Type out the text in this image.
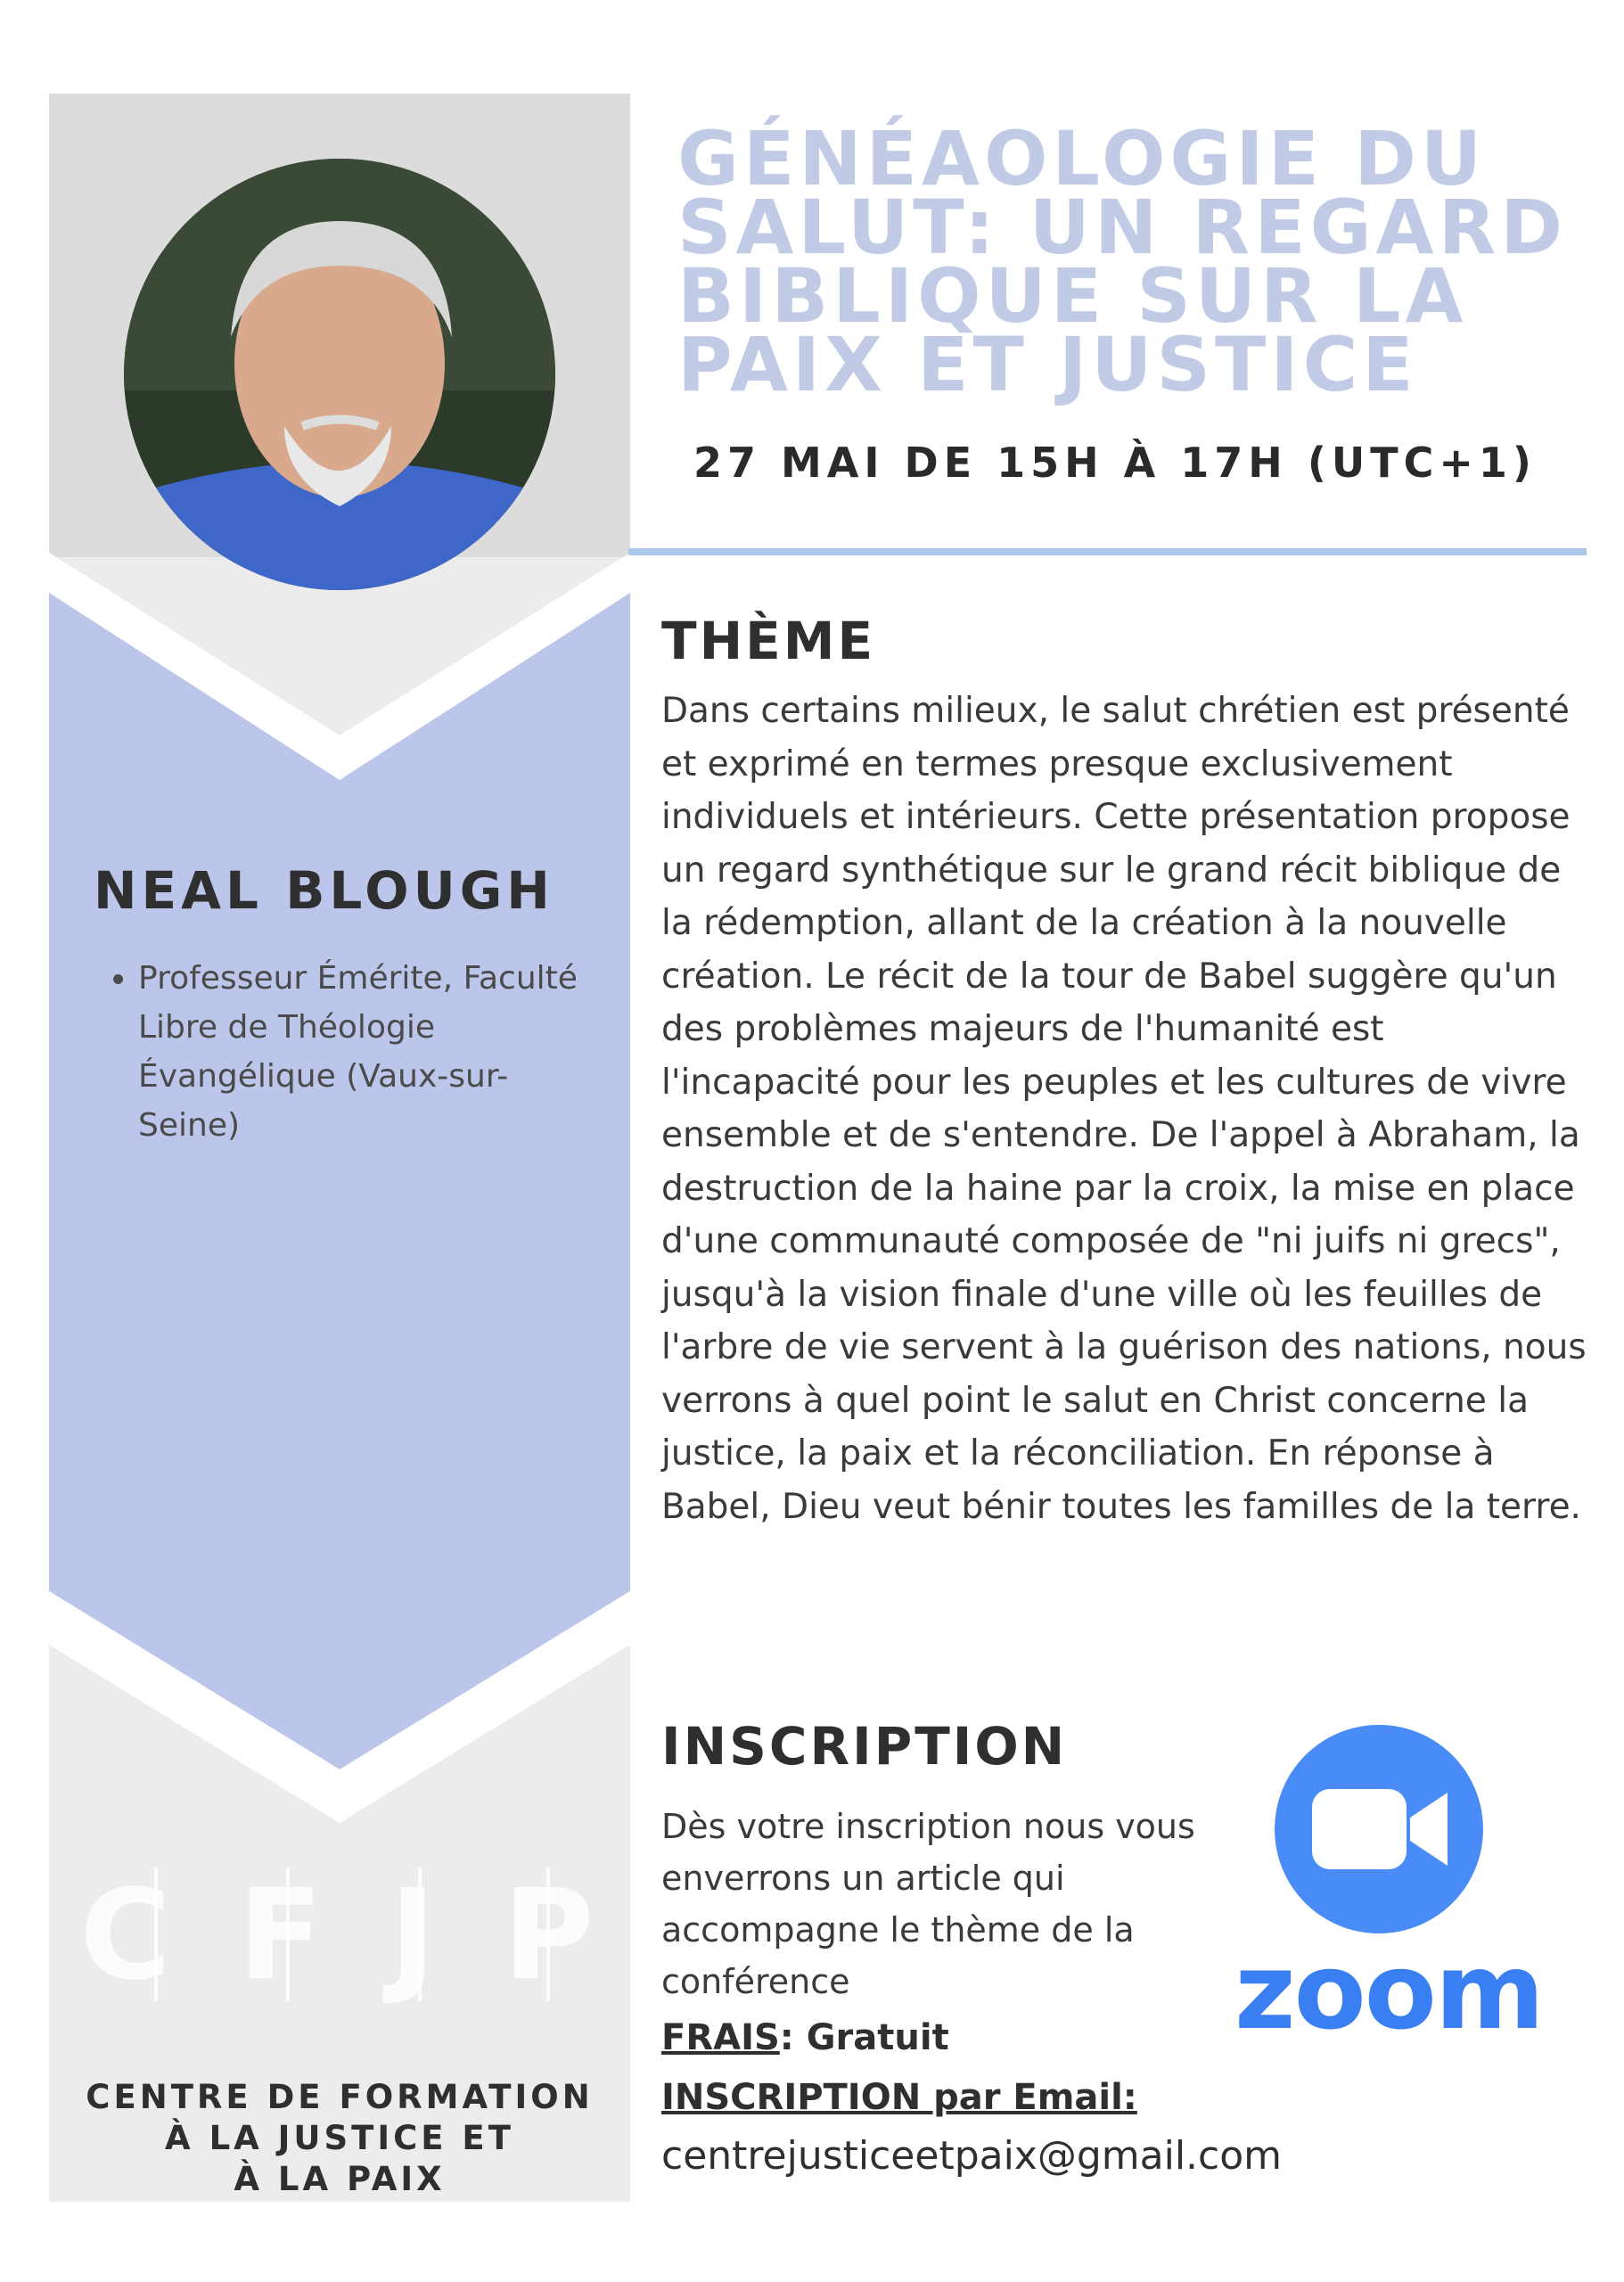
NEAL BLOUGH
• Professeur Émérite, Faculté Libre de Théologie Évangélique (Vaux-sur-Seine)
C F J P
CENTRE DE FORMATION
À LA JUSTICE ET
À LA PAIX
GÉNÉAOLOGIE DU SALUT: UN REGARD BIBLIQUE SUR LA PAIX ET JUSTICE
27 MAI DE 15H À 17H (UTC+1)
THÈME
Dans certains milieux, le salut chrétien est présenté et exprimé en termes presque exclusivement individuels et intérieurs. Cette présentation propose un regard synthétique sur le grand récit biblique de la rédemption, allant de la création à la nouvelle création. Le récit de la tour de Babel suggère qu'un des problèmes majeurs de l'humanité est l'incapacité pour les peuples et les cultures de vivre ensemble et de s'entendre. De l'appel à Abraham, la destruction de la haine par la croix, la mise en place d'une communauté composée de "ni juifs ni grecs", jusqu'à la vision finale d'une ville où les feuilles de l'arbre de vie servent à la guérison des nations, nous verrons à quel point le salut en Christ concerne la justice, la paix et la réconciliation. En réponse à Babel, Dieu veut bénir toutes les familles de la terre.
INSCRIPTION
Dès votre inscription nous vous enverrons un article qui accompagne le thème de la conférence
FRAIS: Gratuit
INSCRIPTION par Email:
centrejusticeetpaix@gmail.com
zoom
